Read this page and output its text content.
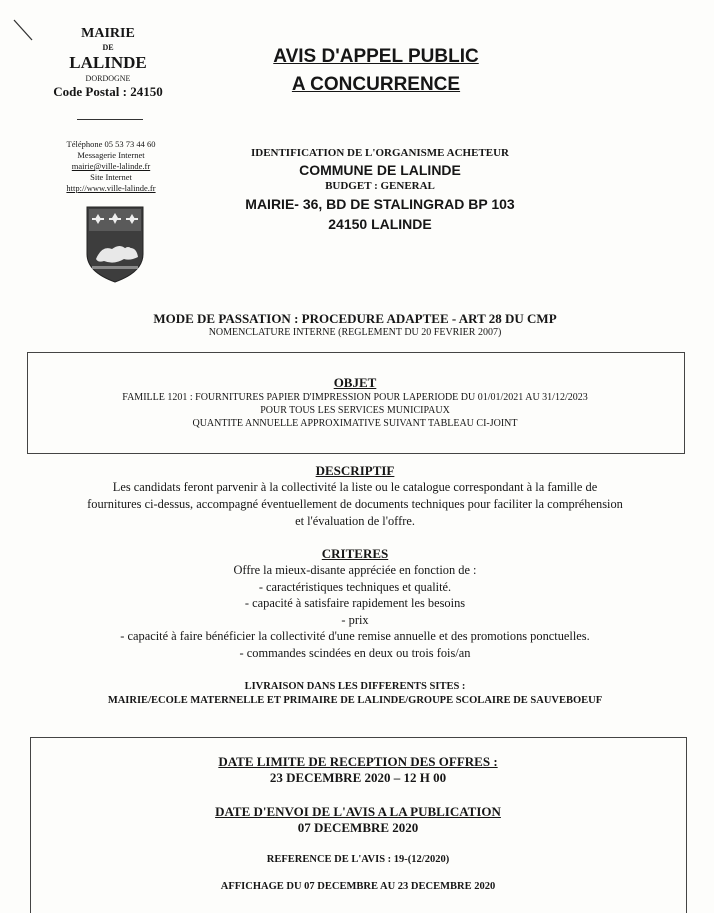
MAIRIE
DE
LALINDE
DORDOGNE
Code Postal : 24150
Téléphone 05 53 73 44 60
Messagerie Internet
mairie@ville-lalinde.fr
Site Internet
http://www.ville-lalinde.fr
AVIS D'APPEL PUBLIC
A CONCURRENCE
IDENTIFICATION DE L'ORGANISME ACHETEUR
COMMUNE DE LALINDE
BUDGET : GENERAL
MAIRIE- 36, BD DE STALINGRAD BP 103
24150 LALINDE
MODE DE PASSATION : PROCEDURE ADAPTEE - ART 28 DU CMP
NOMENCLATURE INTERNE (REGLEMENT DU 20 FEVRIER 2007)
OBJET
FAMILLE 1201 : FOURNITURES PAPIER D'IMPRESSION POUR LAPERIODE DU 01/01/2021 AU 31/12/2023
POUR TOUS LES SERVICES MUNICIPAUX
QUANTITE ANNUELLE APPROXIMATIVE SUIVANT TABLEAU CI-JOINT
DESCRIPTIF
Les candidats feront parvenir à la collectivité la liste ou le catalogue correspondant à la famille de
fournitures ci-dessus, accompagné éventuellement de documents techniques pour faciliter la compréhension
et l'évaluation de l'offre.
CRITERES
Offre la mieux-disante appréciée en fonction de :
- caractéristiques techniques et qualité.
- capacité à satisfaire rapidement les besoins
- prix
- capacité à faire bénéficier la collectivité d'une remise annuelle et des promotions ponctuelles.
- commandes scindées en deux ou trois fois/an
LIVRAISON DANS LES DIFFERENTS SITES :
MAIRIE/ECOLE MATERNELLE ET PRIMAIRE DE LALINDE/GROUPE SCOLAIRE DE SAUVEBOEUF
DATE LIMITE DE RECEPTION DES OFFRES :
23 DECEMBRE 2020 – 12 H 00
DATE D'ENVOI DE L'AVIS A LA PUBLICATION
07 DECEMBRE 2020
REFERENCE DE L'AVIS : 19-(12/2020)
AFFICHAGE DU 07 DECEMBRE AU 23 DECEMBRE 2020
